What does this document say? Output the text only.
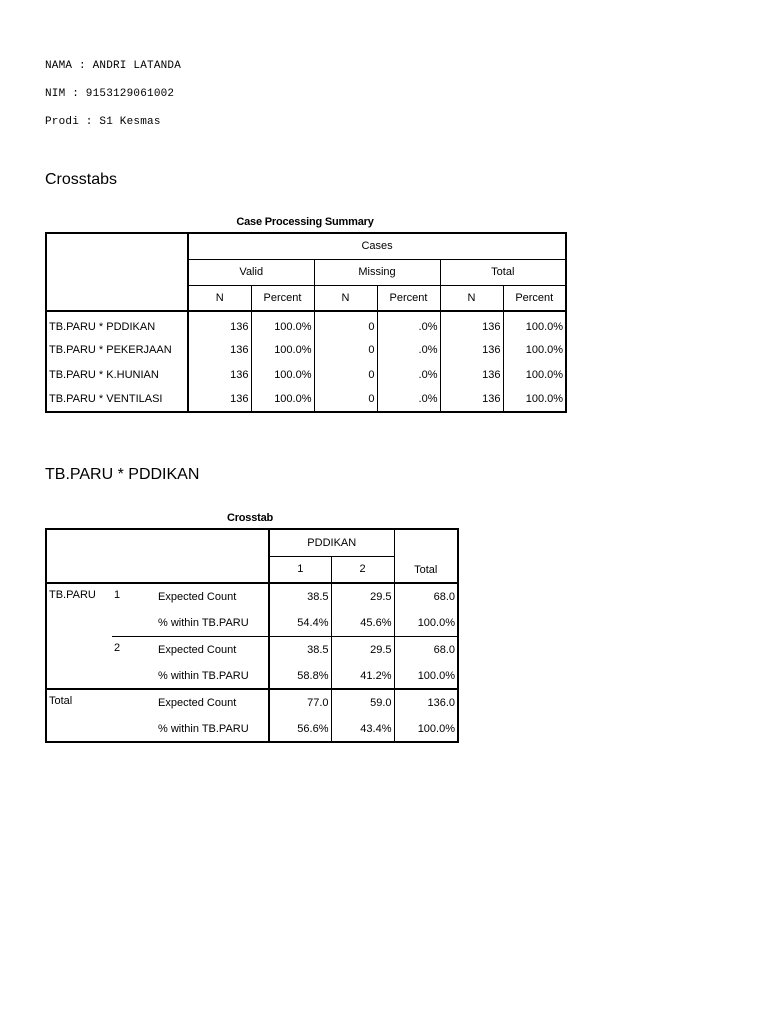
NAMA : ANDRI LATANDA
NIM : 9153129061002
Prodi : S1 Kesmas
Crosstabs
Case Processing Summary
	Cases					
	Valid		Missing		Total	
	N	Percent	N	Percent	N	Percent
TB.PARU * PDDIKAN	136	100.0%	0	.0%	136	100.0%
TB.PARU * PEKERJAAN	136	100.0%	0	.0%	136	100.0%
TB.PARU * K.HUNIAN	136	100.0%	0	.0%	136	100.0%
TB.PARU * VENTILASI	136	100.0%	0	.0%	136	100.0%
TB.PARU * PDDIKAN
Crosstab
			PDDIKAN		Total
			1	2	

TB.PARU	1	Expected Count	38.5	29.5	68.0
		% within TB.PARU	54.4%	45.6%	100.0%

	2	Expected Count	38.5	29.5	68.0
		% within TB.PARU	58.8%	41.2%	100.0%

Total		Expected Count	77.0	59.0	136.0
		% within TB.PARU	56.6%	43.4%	100.0%
